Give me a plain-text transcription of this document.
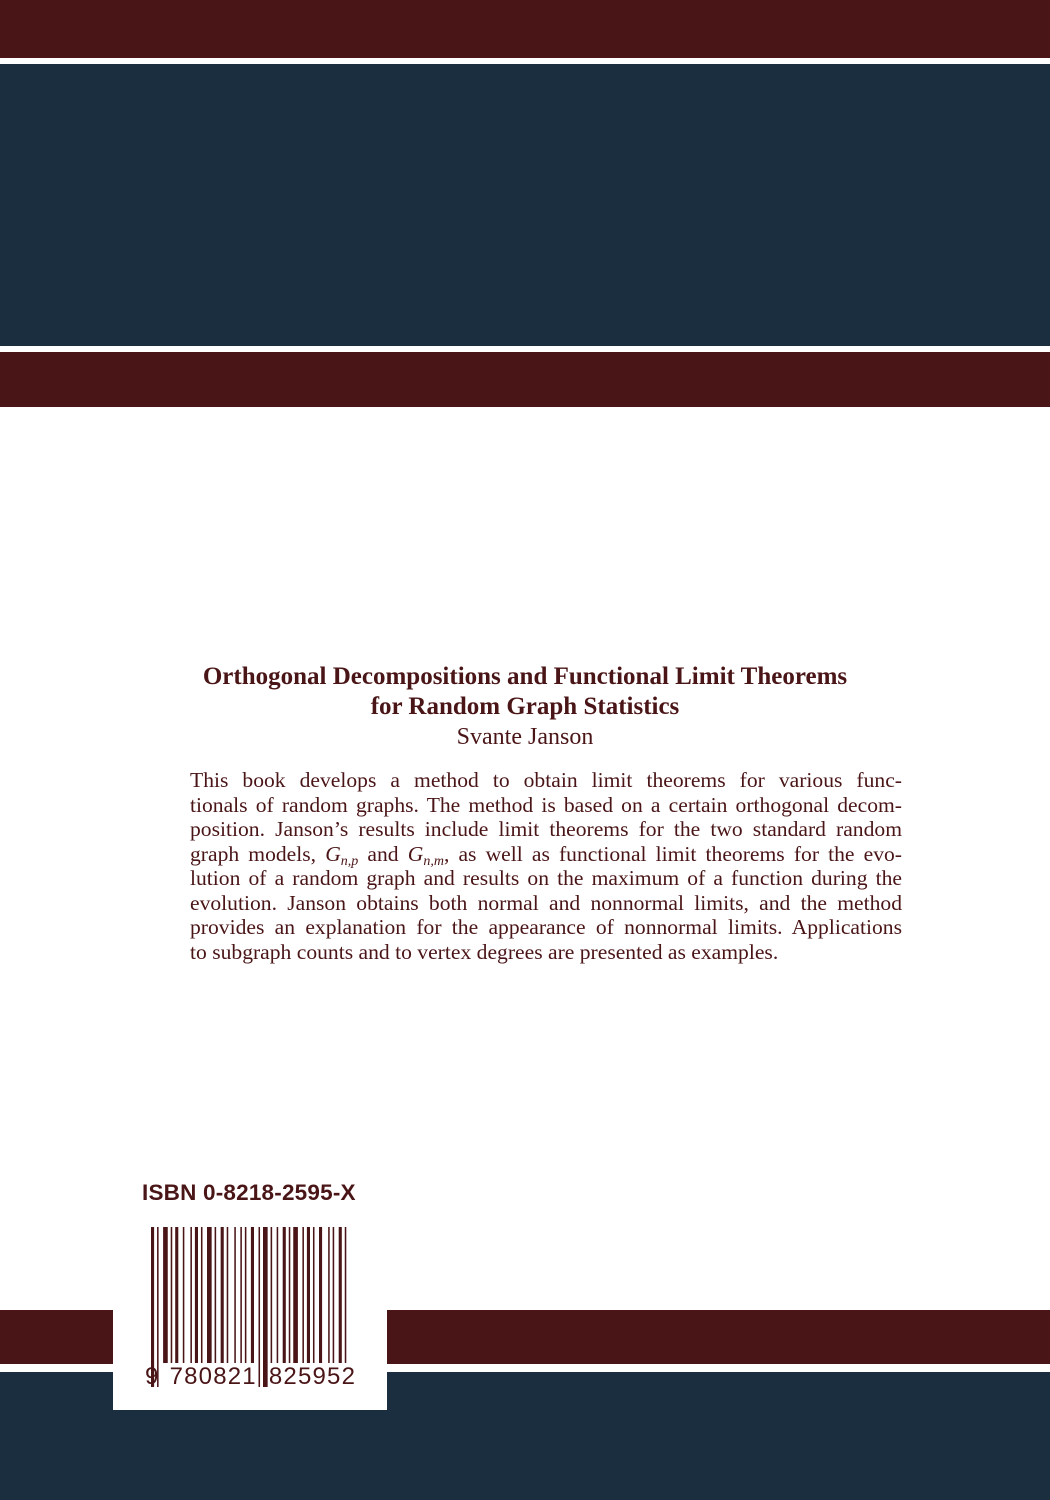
Orthogonal Decompositions and Functional Limit Theorems
for Random Graph Statistics
Svante Janson
This book develops a method to obtain limit theorems for various func-
tionals of random graphs. The method is based on a certain orthogonal decom-
position. Janson’s results include limit theorems for the two standard random
graph models, $G_{n,p}$ and $G_{n,m}$, as well as functional limit theorems for the evo-
lution of a random graph and results on the maximum of a function during the
evolution. Janson obtains both normal and nonnormal limits, and the method
provides an explanation for the appearance of nonnormal limits. Applications
to subgraph counts and to vertex degrees are presented as examples.
ISBN 0-8218-2595-X
9 780821 825952
